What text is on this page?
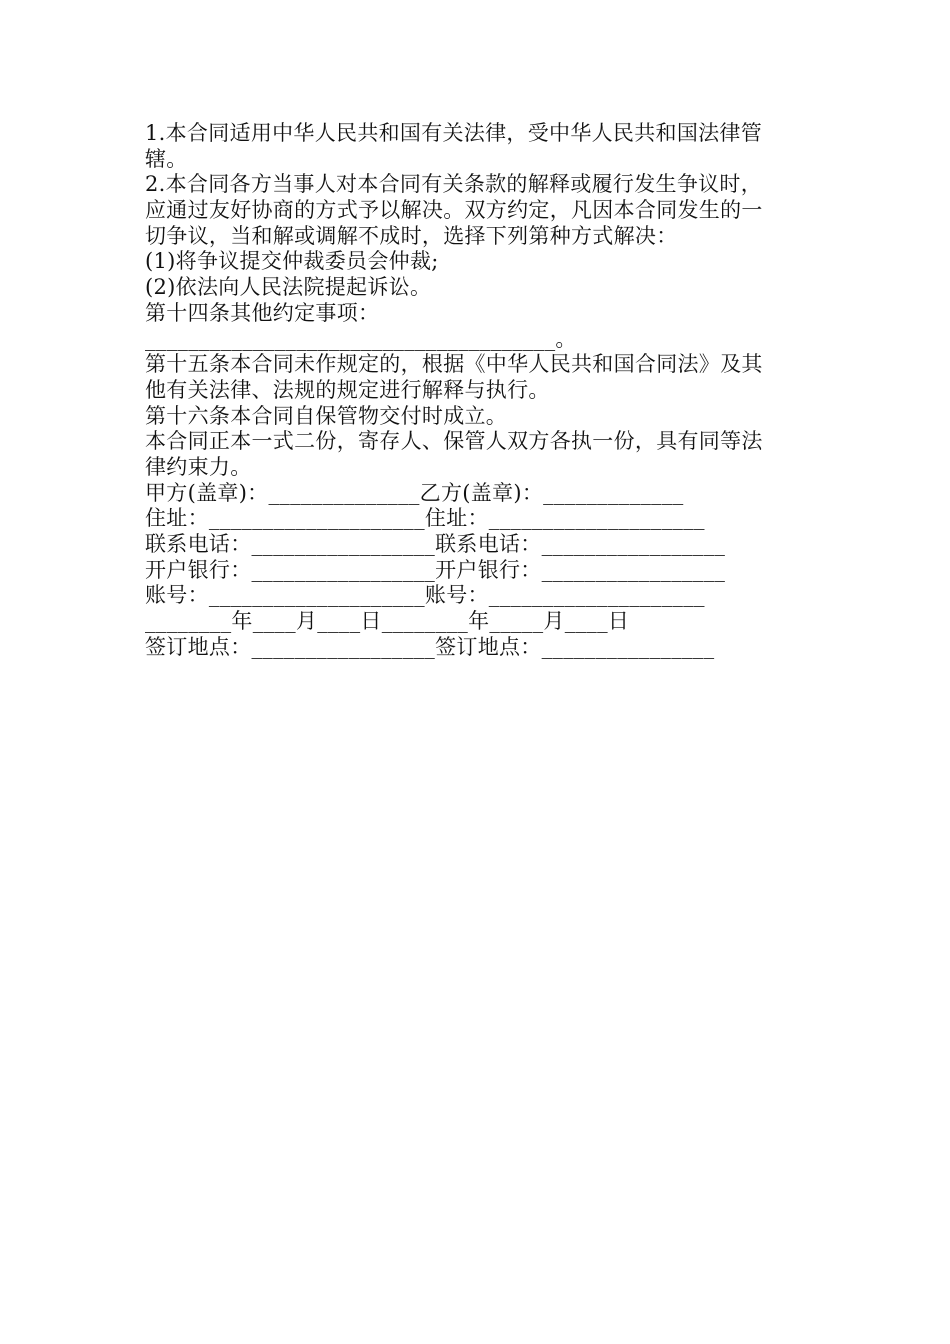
1.本合同适用中华人民共和国有关法律，受中华人民共和国法律管
辖。
2.本合同各方当事人对本合同有关条款的解释或履行发生争议时，
应通过友好协商的方式予以解决。双方约定，凡因本合同发生的一
切争议，当和解或调解不成时，选择下列第种方式解决：
(1)将争议提交仲裁委员会仲裁;
(2)依法向人民法院提起诉讼。
第十四条其他约定事项：
______________________________________。
第十五条本合同未作规定的，根据《中华人民共和国合同法》及其
他有关法律、法规的规定进行解释与执行。
第十六条本合同自保管物交付时成立。
本合同正本一式二份，寄存人、保管人双方各执一份，具有同等法
律约束力。
甲方(盖章)：______________乙方(盖章)：_____________
住址：____________________住址：____________________
联系电话：_________________联系电话：_________________
开户银行：_________________开户银行：_________________
账号：____________________账号：____________________
________年____月____日________年_____月____日
签订地点：_________________签订地点：________________
